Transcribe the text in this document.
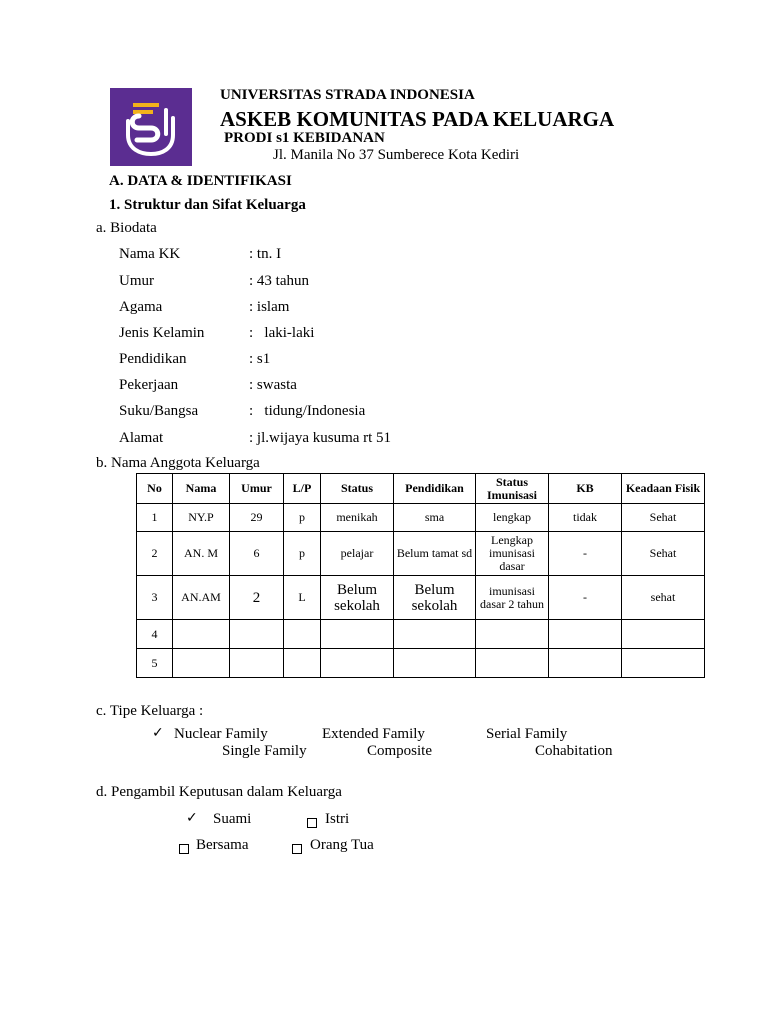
UNIVERSITAS STRADA INDONESIA
ASKEB KOMUNITAS PADA KELUARGA
PRODI s1 KEBIDANAN
Jl. Manila No 37 Sumberece Kota Kediri
A. DATA & IDENTIFIKASI
1. Struktur dan Sifat Keluarga
a. Biodata
Nama KK	: tn. I
Umur	: 43 tahun
Agama	: islam
Jenis Kelamin	:   laki-laki
Pendidikan	: s1
Pekerjaan	: swasta
Suku/Bangsa	:   tidung/Indonesia
Alamat	: jl.wijaya kusuma rt 51
b. Nama Anggota Keluarga
No	Nama	Umur	L/P	Status	Pendidikan	Status Imunisasi	KB	Keadaan Fisik
1	NY.P	29	p	menikah	sma	lengkap	tidak	Sehat
2	AN. M	6	p	pelajar	Belum tamat sd	Lengkap imunisasi dasar	-	Sehat
3	AN.AM	2	L	Belum sekolah	Belum sekolah	imunisasi dasar 2 tahun	-	sehat
4								
5								
c. Tipe Keluarga :
✓ Nuclear Family	Extended Family	Serial Family
Single Family	Composite	Cohabitation
d. Pengambil Keputusan dalam Keluarga
✓ Suami	Istri
Bersama	Orang Tua
